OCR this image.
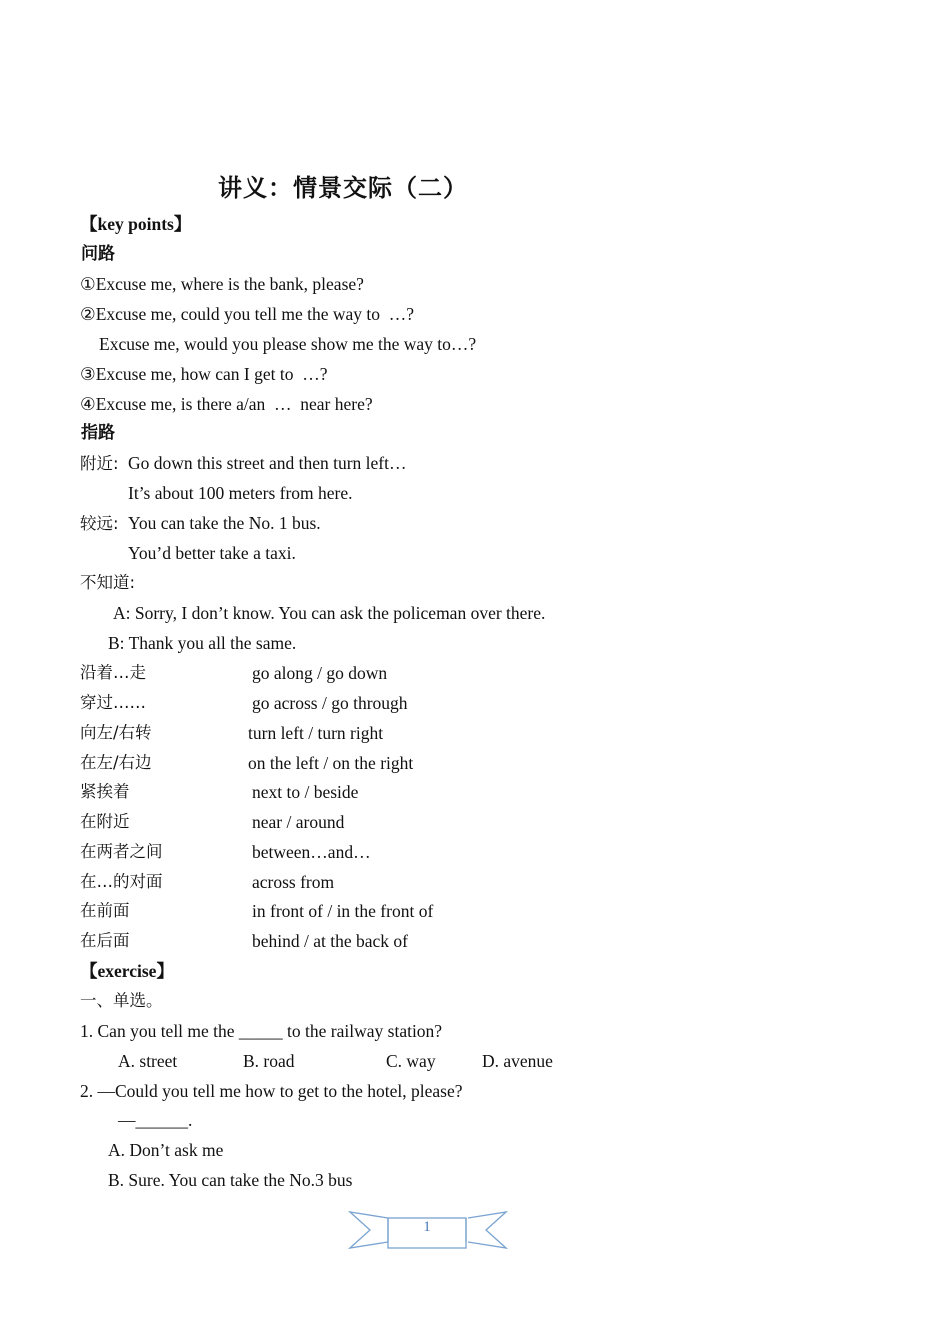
讲义：情景交际（二）
【key points】
问路
①Excuse me, where is the bank, please?
②Excuse me, could you tell me the way to  …?
Excuse me, would you please show me the way to…?
③Excuse me, how can I get to  …?
④Excuse me, is there a/an  …  near here?
指路
附近: Go down this street and then turn left…
It’s about 100 meters from here.
较远: You can take the No. 1 bus.
You’d better take a taxi.
不知道:
A: Sorry, I don’t know. You can ask the policeman over there.
B: Thank you all the same.
沿着…走	go along / go down
穿过……	go across / go through
向左/右转	turn left / turn right
在左/右边	on the left / on the right
紧挨着	next to / beside
在附近	near / around
在两者之间	between…and…
在…的对面	across from
在前面	in front of / in the front of
在后面	behind / at the back of
【exercise】
一、单选。
1. Can you tell me the _____ to the railway station?
A. street	B. road	C. way	D. avenue
2. —Could you tell me how to get to the hotel, please?
—______.
A. Don’t ask me
B. Sure. You can take the No.3 bus
1
